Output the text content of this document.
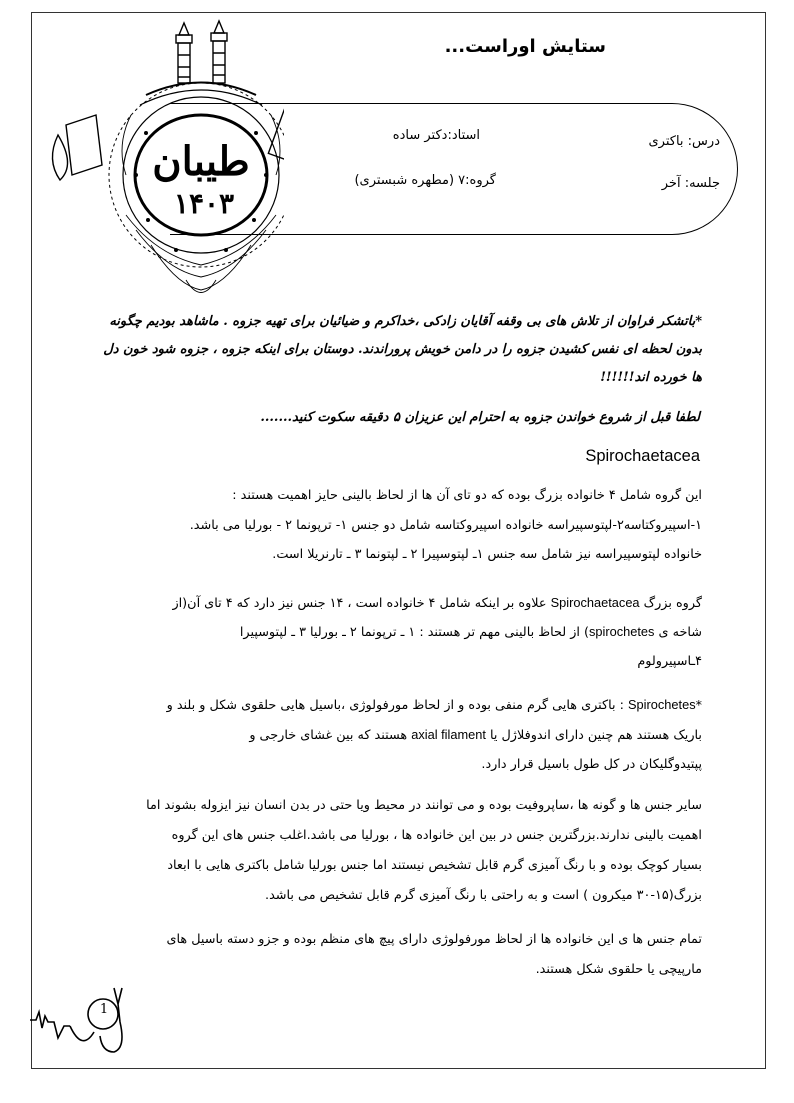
طیبان
۱۴۰۳
ستایش اوراست...
درس: باکتری
استاد:دکتر ساده
جلسه: آخر
گروه:۷ (مطهره شبستری)
*باتشکر فراوان از تلاش های بی وقفه آقایان زادکی ،خداکرم و ضیائیان برای تهیه جزوه . ماشاهد بودیم چگونه
بدون لحظه ای نفس کشیدن جزوه را در دامن خویش پروراندند. دوستان برای اینکه جزوه ، جزوه شود خون دل
ها خورده اند!!!!!!
لطفا قبل از شروع خواندن جزوه به احترام این عزیزان ۵ دقیقه سکوت کنید.......
Spirochaetacea
این گروه شامل ۴ خانواده بزرگ بوده که دو تای آن ها از لحاظ بالینی حایز اهمیت هستند :
۱-اسپیروکتاسه۲-لپتوسپیراسه خانواده اسپیروکتاسه شامل دو جنس ۱- ترپونما ۲ - بورلیا می باشد.
خانواده لپتوسپیراسه نیز شامل سه جنس ۱ـ لپتوسپیرا ۲ ـ لپتونما ۳ ـ تارنریلا است.
گروه بزرگ Spirochaetacea علاوه بر اینکه شامل ۴ خانواده است ، ۱۴ جنس نیز دارد که ۴ تای آن(از
شاخه ی spirochetes) از لحاظ بالینی مهم تر هستند : ۱ ـ ترپونما ۲ ـ بورلیا ۳ ـ لپتوسپیرا
۴ـاسپیرولوم
*Spirochetes : باکتری هایی گرم منفی بوده و از لحاظ مورفولوژی ،باسیل هایی حلقوی شکل و بلند و
باریک هستند هم چنین دارای اندوفلاژل یا axial filament هستند که بین غشای خارجی و
پپتیدوگلیکان در کل طول باسیل قرار دارد.
سایر جنس ها و گونه ها ،ساپروفیت بوده و می توانند در محیط ویا حتی در بدن انسان نیز ایزوله بشوند اما
اهمیت بالینی ندارند.بزرگترین جنس در بین این خانواده ها ، بورلیا می باشد.اغلب جنس های این گروه
بسیار کوچک بوده و با رنگ آمیزی گرم قابل تشخیص نیستند اما جنس بورلیا شامل باکتری هایی با ابعاد
بزرگ(۱۵-۳۰ میکرون ) است و به راحتی با رنگ آمیزی گرم قابل تشخیص می باشد.
تمام جنس ها ی این خانواده ها از لحاظ مورفولوژی دارای پیچ های منظم بوده و جزو دسته باسیل های
مارپیچی یا حلقوی شکل هستند.
1
